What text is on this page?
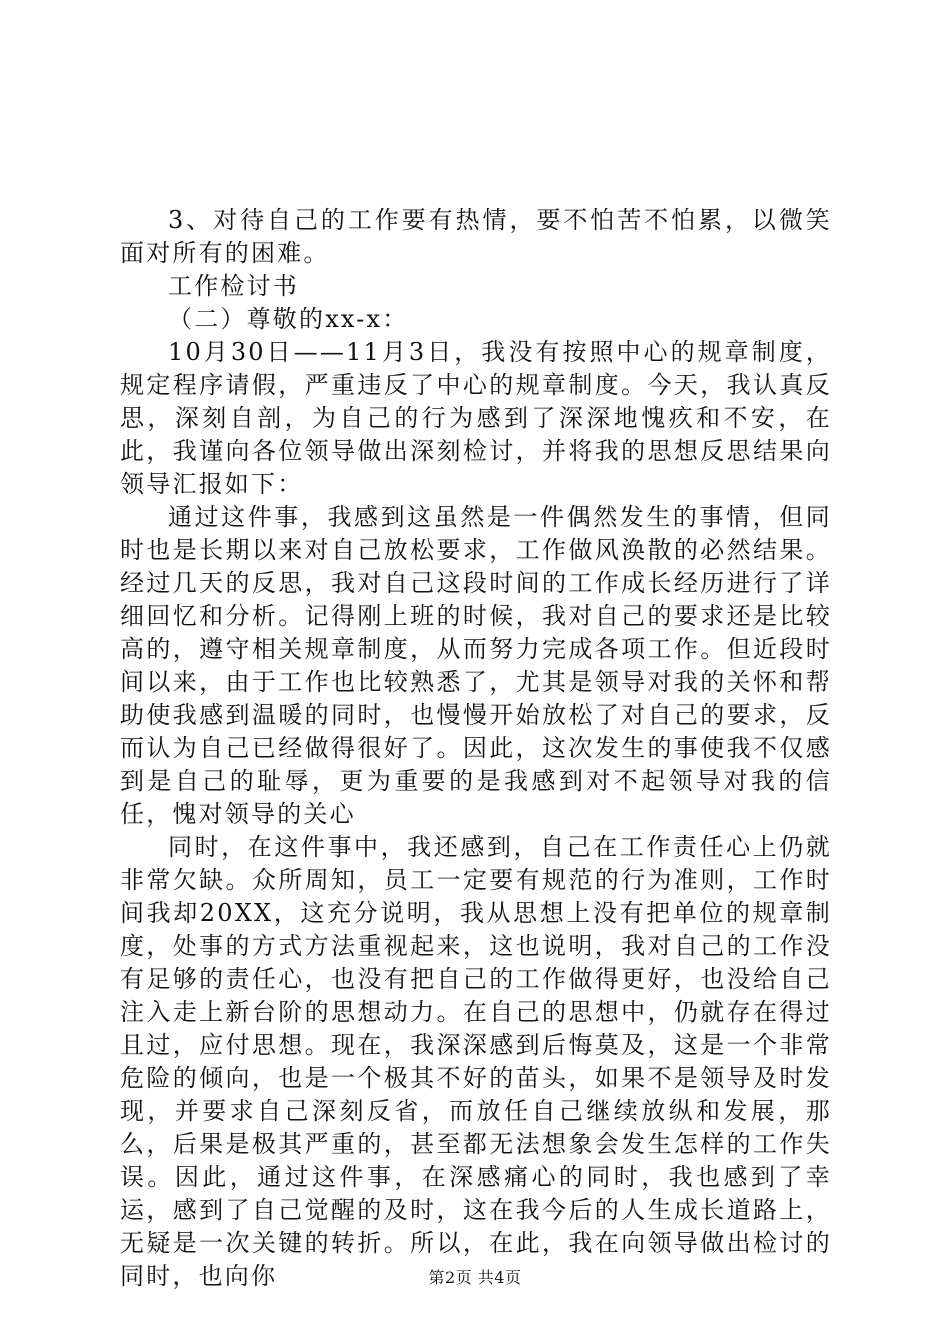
3、对待自己的工作要有热情，要不怕苦不怕累，以微笑面对所有的困难。

工作检讨书

（二）尊敬的xx-x：

10月30日——11月3日，我没有按照中心的规章制度，规定程序请假，严重违反了中心的规章制度。今天，我认真反思，深刻自剖，为自己的行为感到了深深地愧疚和不安，在此，我谨向各位领导做出深刻检讨，并将我的思想反思结果向领导汇报如下：

通过这件事，我感到这虽然是一件偶然发生的事情，但同时也是长期以来对自己放松要求，工作做风涣散的必然结果。经过几天的反思，我对自己这段时间的工作成长经历进行了详细回忆和分析。记得刚上班的时候，我对自己的要求还是比较高的，遵守相关规章制度，从而努力完成各项工作。但近段时间以来，由于工作也比较熟悉了，尤其是领导对我的关怀和帮助使我感到温暖的同时，也慢慢开始放松了对自己的要求，反而认为自己已经做得很好了。因此，这次发生的事使我不仅感到是自己的耻辱，更为重要的是我感到对不起领导对我的信任，愧对领导的关心

同时，在这件事中，我还感到，自己在工作责任心上仍就非常欠缺。众所周知，员工一定要有规范的行为准则，工作时间我却20XX，这充分说明，我从思想上没有把单位的规章制度，处事的方式方法重视起来，这也说明，我对自己的工作没有足够的责任心，也没有把自己的工作做得更好，也没给自己注入走上新台阶的思想动力。在自己的思想中，仍就存在得过且过，应付思想。现在，我深深感到后悔莫及，这是一个非常危险的倾向，也是一个极其不好的苗头，如果不是领导及时发现，并要求自己深刻反省，而放任自己继续放纵和发展，那么，后果是极其严重的，甚至都无法想象会发生怎样的工作失误。因此，通过这件事，在深感痛心的同时，我也感到了幸运，感到了自己觉醒的及时，这在我今后的人生成长道路上，无疑是一次关键的转折。所以，在此，我在向领导做出检讨的同时，也向你	第2页 共4页
